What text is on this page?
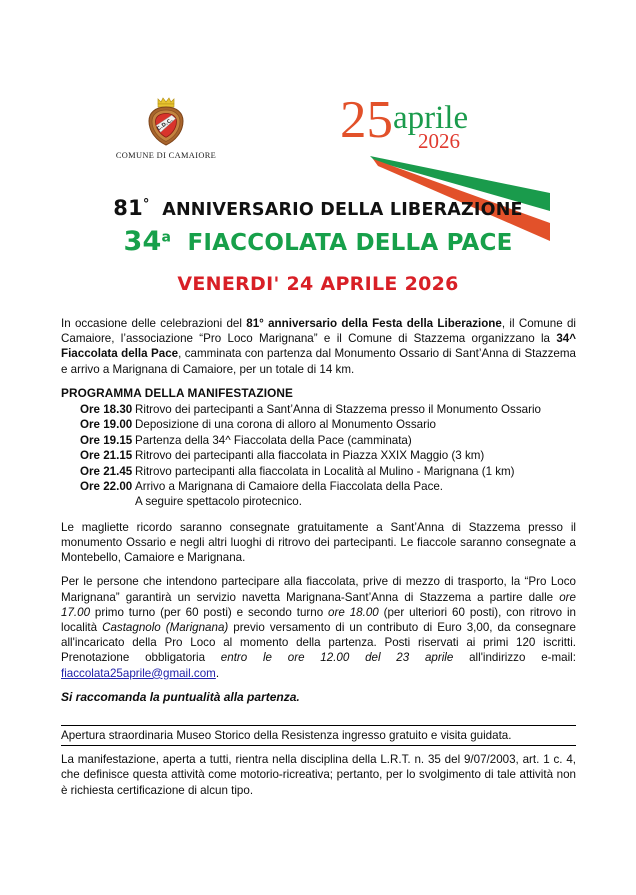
C.D.C.
COMUNE DI CAMAIORE
25 aprile
2026
81° ANNIVERSARIO DELLA LIBERAZIONE
34$^a$ FIACCOLATA DELLA PACE
VENERDI' 24 APRILE 2026

In occasione delle celebrazioni del 81° anniversario della Festa della Liberazione, il Comune di Camaiore, l’associazione “Pro Loco Marignana” e il Comune di Stazzema organizzano la 34^ Fiaccolata della Pace, camminata con partenza dal Monumento Ossario di Sant’Anna di Stazzema e arrivo a Marignana di Camaiore, per un totale di 14 km.

PROGRAMMA DELLA MANIFESTAZIONE
Ore 18.30 Ritrovo dei partecipanti a Sant’Anna di Stazzema presso il Monumento Ossario
Ore 19.00 Deposizione di una corona di alloro al Monumento Ossario
Ore 19.15 Partenza della 34^ Fiaccolata della Pace (camminata)
Ore 21.15 Ritrovo dei partecipanti alla fiaccolata in Piazza XXIX Maggio (3 km)
Ore 21.45 Ritrovo partecipanti alla fiaccolata in Località al Mulino - Marignana (1 km)
Ore 22.00 Arrivo a Marignana di Camaiore della Fiaccolata della Pace.
A seguire spettacolo pirotecnico.

Le magliette ricordo saranno consegnate gratuitamente a Sant’Anna di Stazzema presso il monumento Ossario e negli altri luoghi di ritrovo dei partecipanti. Le fiaccole saranno consegnate a Montebello, Camaiore e Marignana.

Per le persone che intendono partecipare alla fiaccolata, prive di mezzo di trasporto, la “Pro Loco Marignana” garantirà un servizio navetta Marignana-Sant’Anna di Stazzema a partire dalle ore 17.00 primo turno (per 60 posti) e secondo turno ore 18.00 (per ulteriori 60 posti), con ritrovo in località Castagnolo (Marignana) previo versamento di un contributo di Euro 3,00, da consegnare all'incaricato della Pro Loco al momento della partenza. Posti riservati ai primi 120 iscritti. Prenotazione obbligatoria entro le ore 12.00 del 23 aprile all'indirizzo e-mail: fiaccolata25aprile@gmail.com.

Si raccomanda la puntualità alla partenza.

Apertura straordinaria Museo Storico della Resistenza ingresso gratuito e visita guidata.

La manifestazione, aperta a tutti, rientra nella disciplina della L.R.T. n. 35 del 9/07/2003, art. 1 c. 4, che definisce questa attività come motorio-ricreativa; pertanto, per lo svolgimento di tale attività non è richiesta certificazione di alcun tipo.
